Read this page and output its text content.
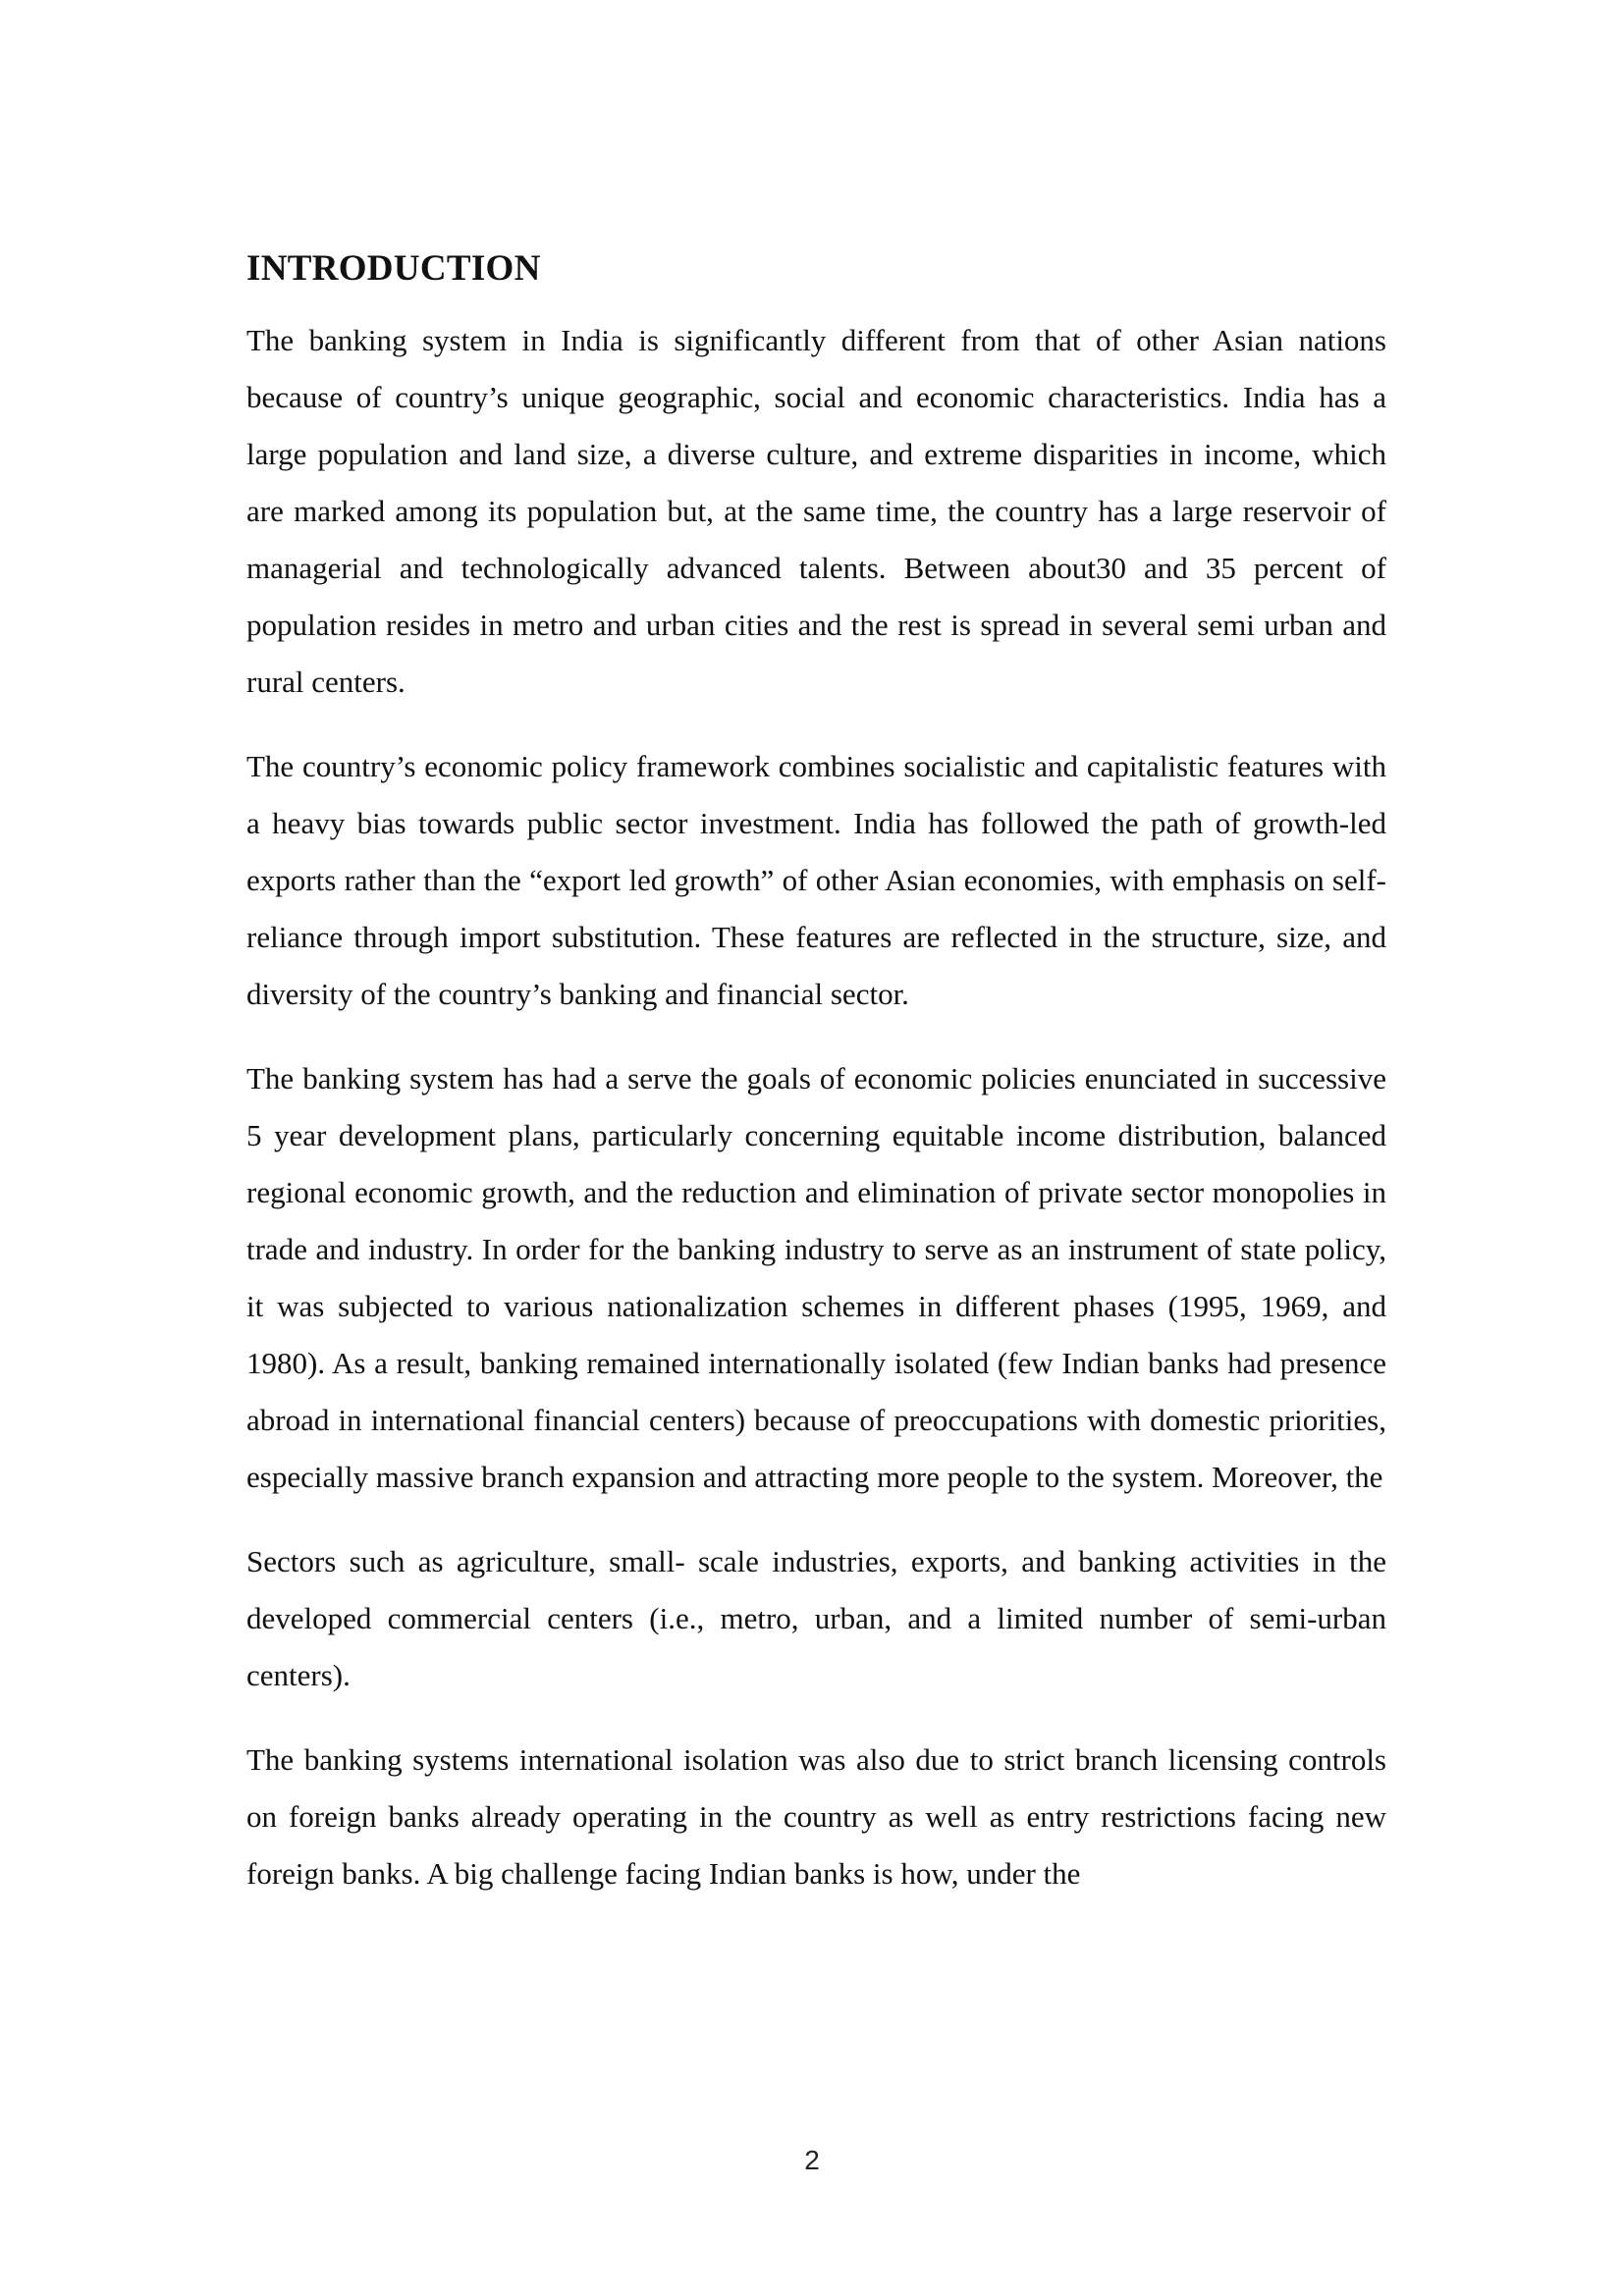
INTRODUCTION

The banking system in India is significantly different from that of other Asian nations because of country’s unique geographic, social and economic characteristics. India has a large population and land size, a diverse culture, and extreme disparities in income, which are marked among its population but, at the same time, the country has a large reservoir of managerial and technologically advanced talents. Between about30 and 35 percent of population resides in metro and urban cities and the rest is spread in several semi urban and rural centers.

The country’s economic policy framework combines socialistic and capitalistic features with a heavy bias towards public sector investment. India has followed the path of growth-led exports rather than the “export led growth” of other Asian economies, with emphasis on self- reliance through import substitution. These features are reflected in the structure, size, and diversity of the country’s banking and financial sector.

The banking system has had a serve the goals of economic policies enunciated in successive 5 year development plans, particularly concerning equitable income distribution, balanced regional economic growth, and the reduction and elimination of private sector monopolies in trade and industry. In order for the banking industry to serve as an instrument of state policy, it was subjected to various nationalization schemes in different phases (1995, 1969, and 1980). As a result, banking remained internationally isolated (few Indian banks had presence abroad in international financial centers) because of preoccupations with domestic priorities, especially massive branch expansion and attracting more people to the system. Moreover, the

Sectors such as agriculture, small- scale industries, exports, and banking activities in the developed commercial centers (i.e., metro, urban, and a limited number of semi-urban centers).

The banking systems international isolation was also due to strict branch licensing controls on foreign banks already operating in the country as well as entry restrictions facing new foreign banks. A big challenge facing Indian banks is how, under the

2
